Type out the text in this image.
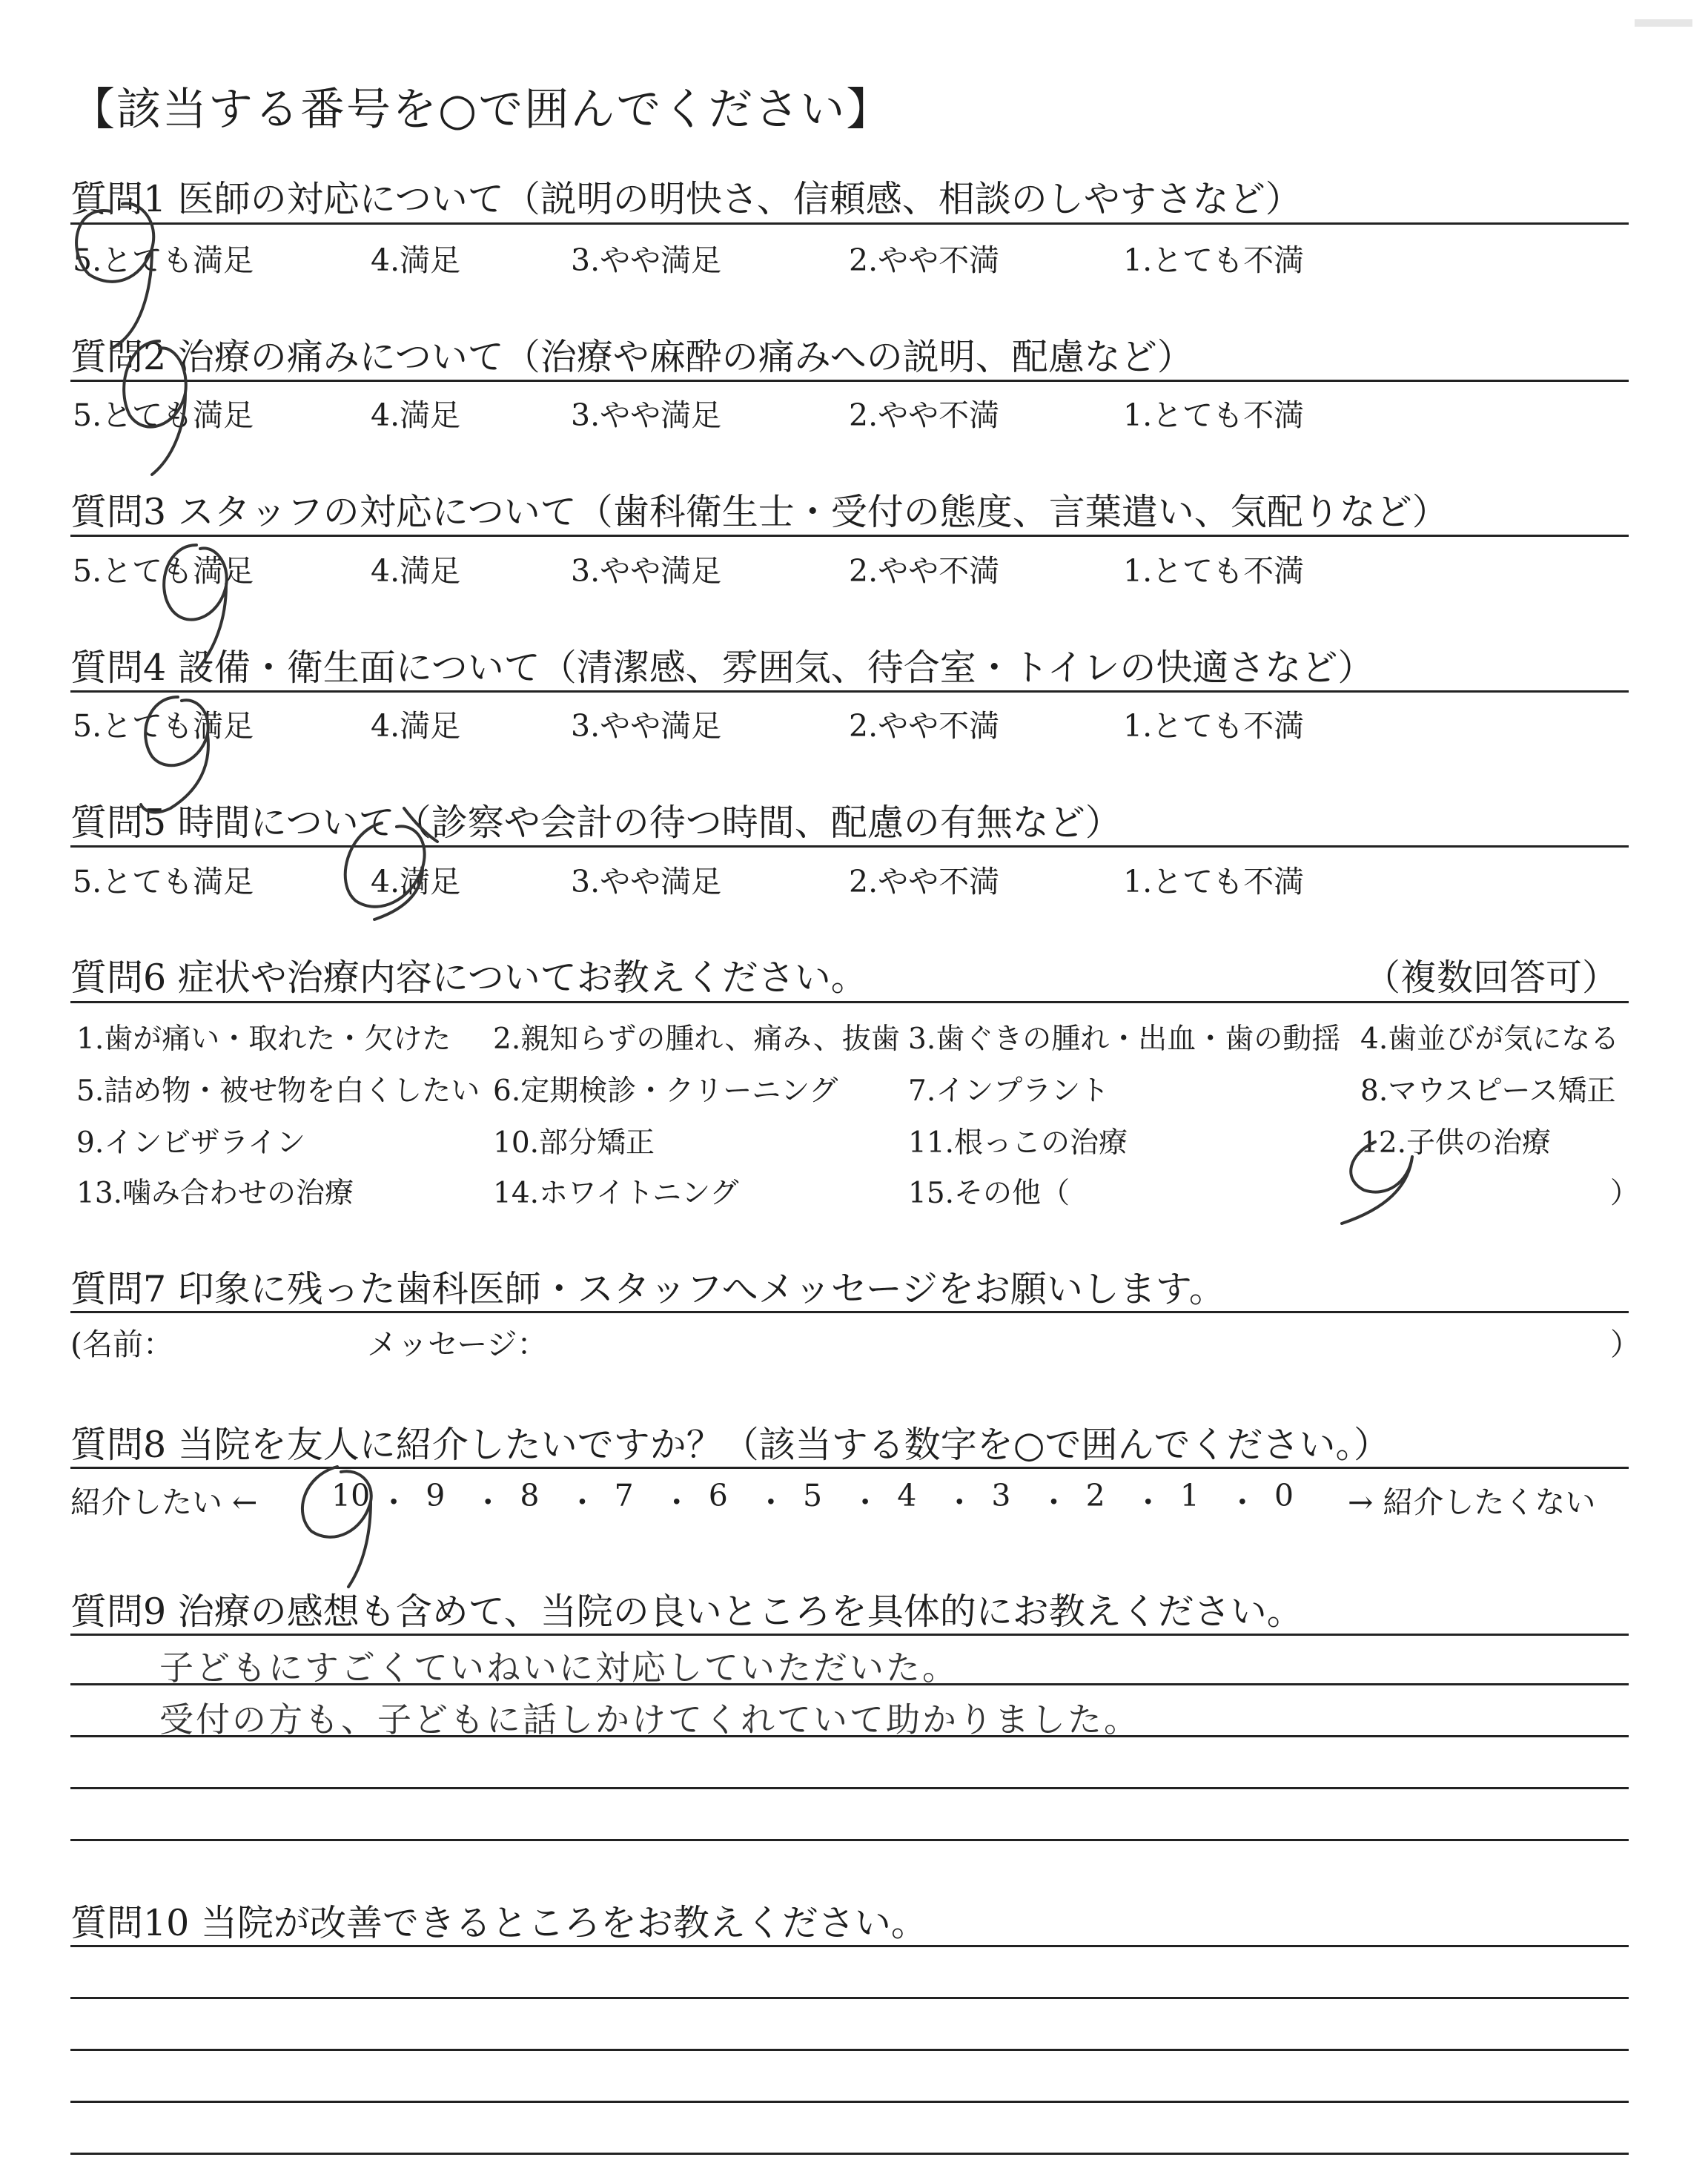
【該当する番号を○で囲んでください】
質問1 医師の対応について（説明の明快さ、信頼感、相談のしやすさなど）
5.とても満足	4.満足	3.やや満足	2.やや不満	1.とても不満
質問2 治療の痛みについて（治療や麻酔の痛みへの説明、配慮など）
5.とても満足	4.満足	3.やや満足	2.やや不満	1.とても不満
質問3 スタッフの対応について（歯科衛生士・受付の態度、言葉遣い、気配りなど）
5.とても満足	4.満足	3.やや満足	2.やや不満	1.とても不満
質問4 設備・衛生面について（清潔感、雰囲気、待合室・トイレの快適さなど）
5.とても満足	4.満足	3.やや満足	2.やや不満	1.とても不満
質問5 時間について（診察や会計の待つ時間、配慮の有無など）
5.とても満足	4.満足	3.やや満足	2.やや不満	1.とても不満
質問6 症状や治療内容についてお教えください。	（複数回答可）
1.歯が痛い・取れた・欠けた 2.親知らずの腫れ、痛み、抜歯 3.歯ぐきの腫れ・出血・歯の動揺 4.歯並びが気になる
5.詰め物・被せ物を白くしたい 6.定期検診・クリーニング 7.インプラント	8.マウスピース矯正
9.インビザライン	10.部分矯正	11.根っこの治療	12.子供の治療
13.噛み合わせの治療	14.ホワイトニング	15.その他（	）
質問7 印象に残った歯科医師・スタッフへメッセージをお願いします。
(名前：	メッセージ：	）
質問8 当院を友人に紹介したいですか？（該当する数字を○で囲んでください。）
紹介したい ← 10 ・ 9 ・ 8 ・ 7 ・ 6 ・ 5 ・ 4 ・ 3 ・ 2 ・ 1 ・ 0 → 紹介したくない
質問9 治療の感想も含めて、当院の良いところを具体的にお教えください。
子どもにすごくていねいに対応していただいた。
受付の方も、子どもに話しかけてくれていて助かりました。
質問10 当院が改善できるところをお教えください。
